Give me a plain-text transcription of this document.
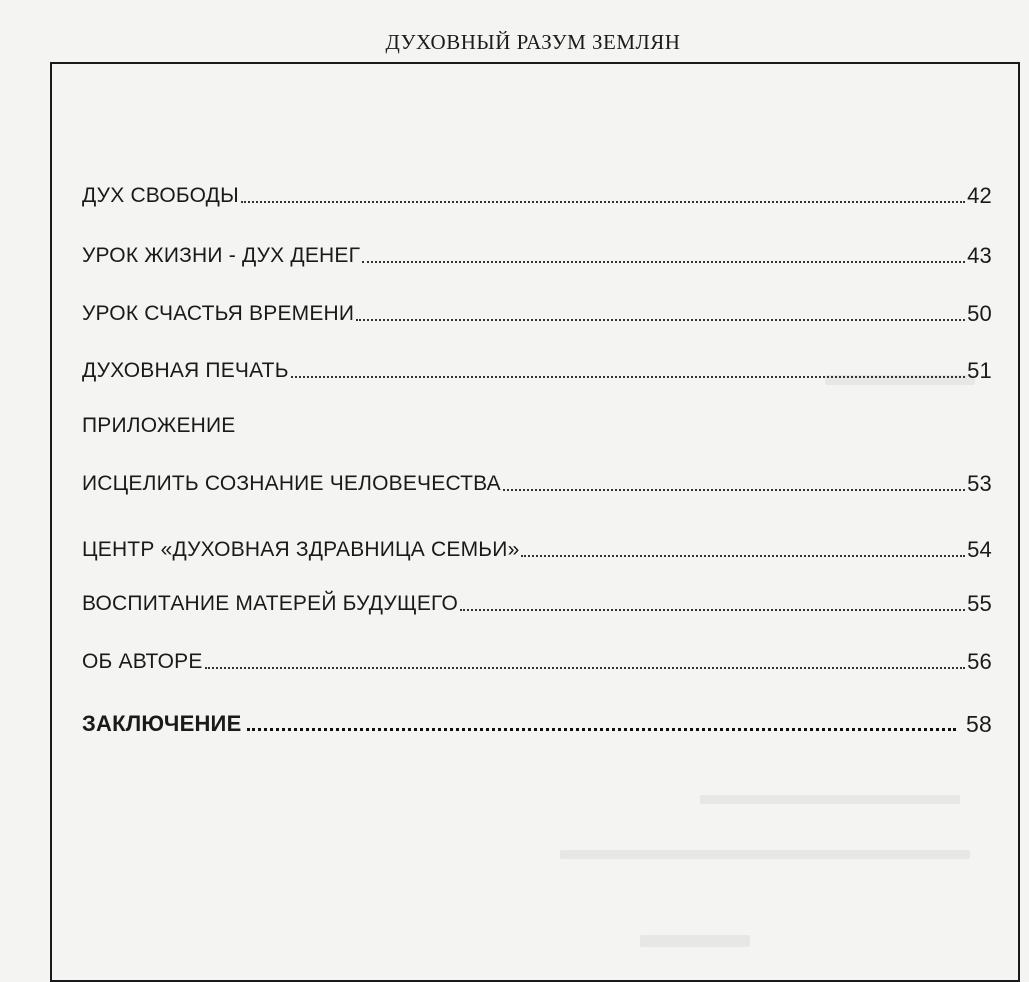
ДУХОВНЫЙ РАЗУМ ЗЕМЛЯН
ДУХ СВОБОДЫ	42
УРОК ЖИЗНИ - ДУХ ДЕНЕГ	43
УРОК СЧАСТЬЯ ВРЕМЕНИ	50
ДУХОВНАЯ ПЕЧАТЬ	51
ПРИЛОЖЕНИЕ
ИСЦЕЛИТЬ СОЗНАНИЕ ЧЕЛОВЕЧЕСТВА	53
ЦЕНТР «ДУХОВНАЯ ЗДРАВНИЦА СЕМЬИ»	54
ВОСПИТАНИЕ МАТЕРЕЙ БУДУЩЕГО	55
ОБ АВТОРЕ	56
ЗАКЛЮЧЕНИЕ	58
